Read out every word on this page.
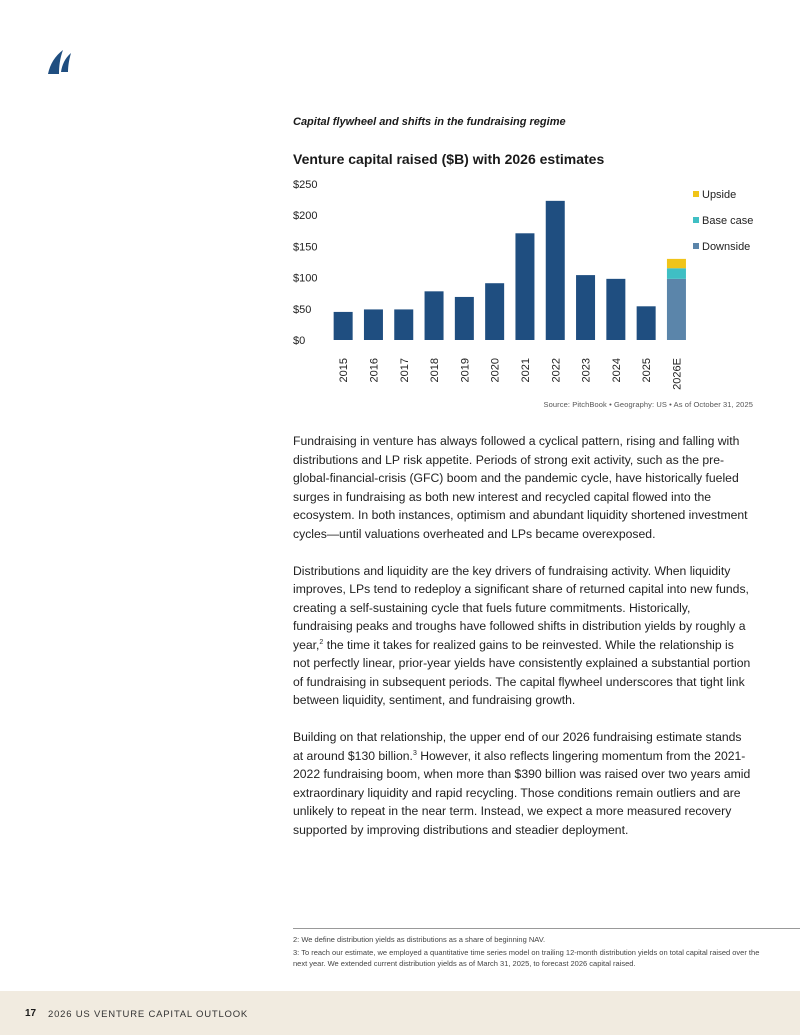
Capital flywheel and shifts in the fundraising regime
Venture capital raised ($B) with 2026 estimates
$0
$50
$100
$150
$200
$250
2015 2016 2017 2018 2019 2020 2021 2022 2023 2024 2025 2026E
Upside
Base case
Downside
Source: PitchBook • Geography: US • As of October 31, 2025

Fundraising in venture has always followed a cyclical pattern, rising and falling with distributions and LP risk appetite. Periods of strong exit activity, such as the pre-global-financial-crisis (GFC) boom and the pandemic cycle, have historically fueled surges in fundraising as both new interest and recycled capital flowed into the ecosystem. In both instances, optimism and abundant liquidity shortened investment cycles—until valuations overheated and LPs became overexposed.

Distributions and liquidity are the key drivers of fundraising activity. When liquidity improves, LPs tend to redeploy a significant share of returned capital into new funds, creating a self-sustaining cycle that fuels future commitments. Historically, fundraising peaks and troughs have followed shifts in distribution yields by roughly a year,$^2$ the time it takes for realized gains to be reinvested. While the relationship is not perfectly linear, prior-year yields have consistently explained a substantial portion of fundraising in subsequent periods. The capital flywheel underscores that tight link between liquidity, sentiment, and fundraising growth.

Building on that relationship, the upper end of our 2026 fundraising estimate stands at around $130 billion.$^3$ However, it also reflects lingering momentum from the 2021-2022 fundraising boom, when more than $390 billion was raised over two years amid extraordinary liquidity and rapid recycling. Those conditions remain outliers and are unlikely to repeat in the near term. Instead, we expect a more measured recovery supported by improving distributions and steadier deployment.

2: We define distribution yields as distributions as a share of beginning NAV.
3: To reach our estimate, we employed a quantitative time series model on trailing 12-month distribution yields on total capital raised over the next year. We extended current distribution yields as of March 31, 2025, to forecast 2026 capital raised.
17 2026 US VENTURE CAPITAL OUTLOOK
